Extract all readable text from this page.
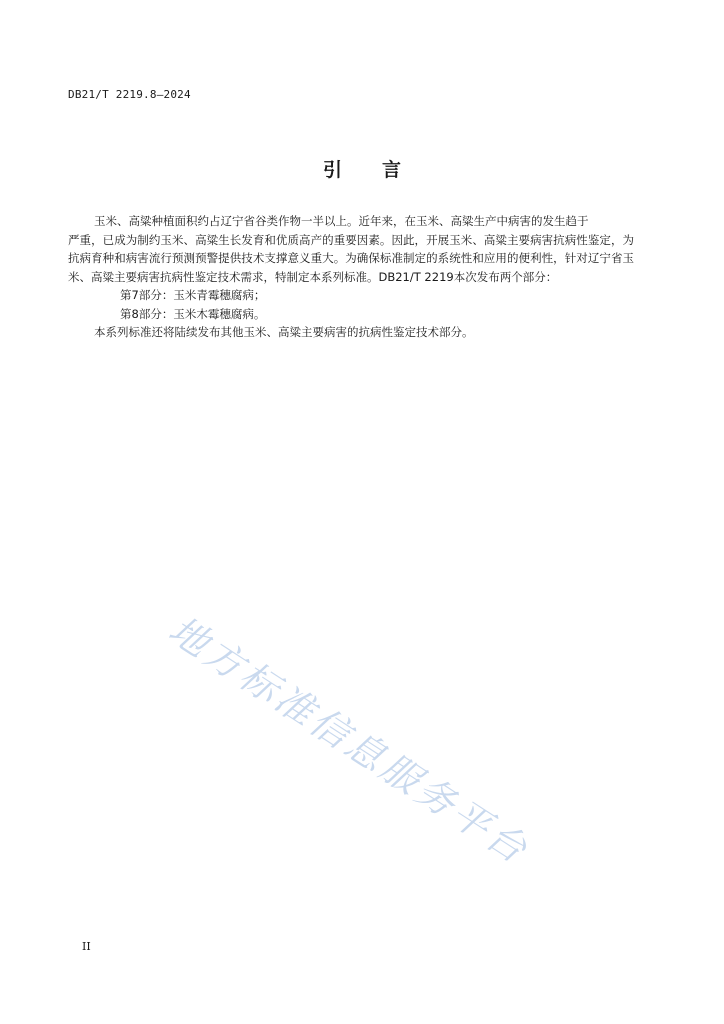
DB21/T 2219.8—2024
引 言

玉米、高粱种植面积约占辽宁省谷类作物一半以上。近年来，在玉米、高粱生产中病害的发生趋于

严重，已成为制约玉米、高粱生长发育和优质高产的重要因素。因此，开展玉米、高粱主要病害抗病性鉴定，为抗病育种和病害流行预测预警提供技术支撑意义重大。为确保标准制定的系统性和应用的便利性，针对辽宁省玉米、高粱主要病害抗病性鉴定技术需求，特制定本系列标准。DB21/T 2219本次发布两个部分：

第7部分：玉米青霉穗腐病；

第8部分：玉米木霉穗腐病。

本系列标准还将陆续发布其他玉米、高粱主要病害的抗病性鉴定技术部分。

地方标准信息服务平台
II
